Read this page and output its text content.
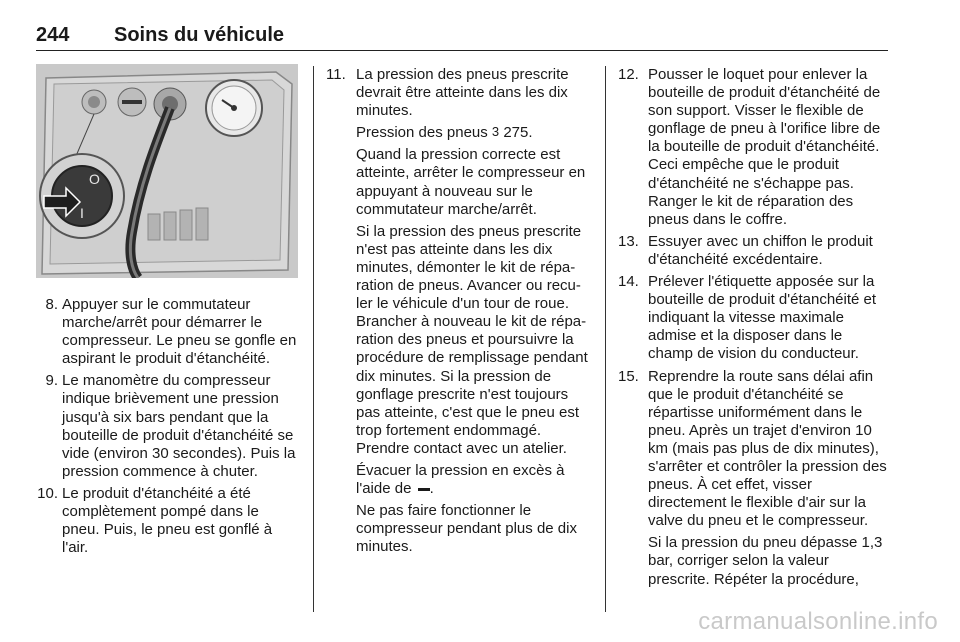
244 Soins du véhicule
O
I
8. Appuyer sur le commutateur marche/arrêt pour démarrer le compresseur. Le pneu se gonfle en aspirant le produit d'étanchéité.
9. Le manomètre du compresseur indique brièvement une pression jusqu'à six bars pendant que la bouteille de produit d'étanchéité se vide (environ 30 secondes). Puis la pression commence à chuter.
10. Le produit d'étanchéité a été complètement pompé dans le pneu. Puis, le pneu est gonflé à l'air.
11. La pression des pneus prescrite devrait être atteinte dans les dix minutes.

Pression des pneus 3 275.

Quand la pression correcte est atteinte, arrêter le compresseur en appuyant à nouveau sur le commutateur marche/arrêt.

Si la pression des pneus prescrite n'est pas atteinte dans les dix minutes, démonter le kit de réparation de pneus. Avancer ou reculer le véhicule d'un tour de roue. Brancher à nouveau le kit de réparation des pneus et poursuivre la procédure de remplissage pendant dix minutes. Si la pression de gonflage prescrite n'est toujours pas atteinte, c'est que le pneu est trop fortement endommagé. Prendre contact avec un atelier.

Évacuer la pression en excès à l'aide de .

Ne pas faire fonctionner le compresseur pendant plus de dix minutes.

12. Pousser le loquet pour enlever la bouteille de produit d'étanchéité de son support. Visser le flexible de gonflage de pneu à l'orifice libre de la bouteille de produit d'étanchéité. Ceci empêche que le produit d'étanchéité ne s'échappe pas. Ranger le kit de réparation des pneus dans le coffre.

13. Essuyer avec un chiffon le produit d'étanchéité excédentaire.

14. Prélever l'étiquette apposée sur la bouteille de produit d'étanchéité et indiquant la vitesse maximale admise et la disposer dans le champ de vision du conducteur.

15. Reprendre la route sans délai afin que le produit d'étanchéité se répartisse uniformément dans le pneu. Après un trajet d'environ 10 km (mais pas plus de dix minutes), s'arrêter et contrôler la pression des pneus. À cet effet, visser directement le flexible d'air sur la valve du pneu et le compresseur.

Si la pression du pneu dépasse 1,3 bar, corriger selon la valeur prescrite. Répéter la procédure,

carmanualsonline.info
